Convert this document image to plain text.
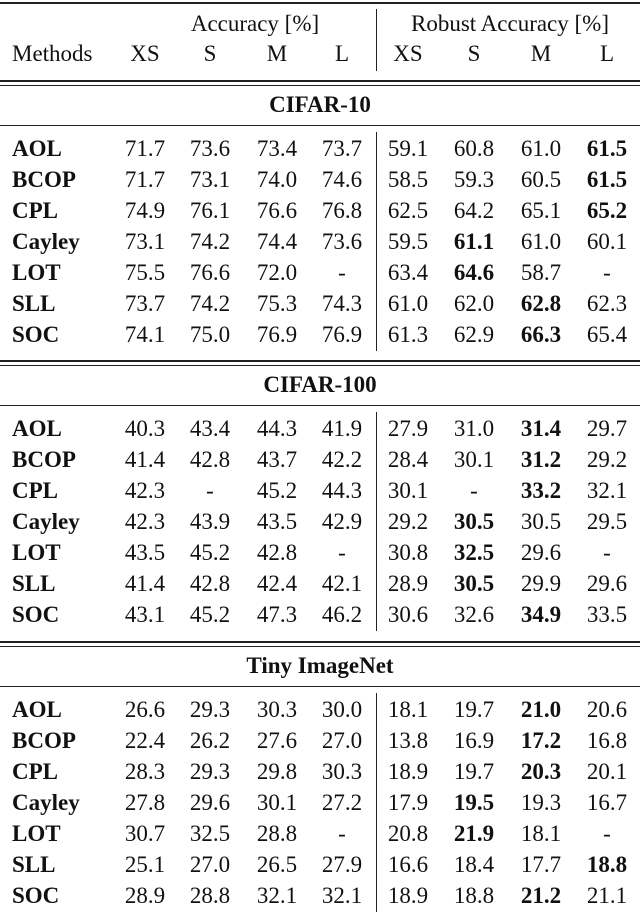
Accuracy [%]	Robust Accuracy [%]
Methods	XS	S	M	L	XS	S	M	L
CIFAR-10
AOL	71.7	73.6	73.4	73.7	59.1	60.8	61.0	61.5
BCOP	71.7	73.1	74.0	74.6	58.5	59.3	60.5	61.5
CPL	74.9	76.1	76.6	76.8	62.5	64.2	65.1	65.2
Cayley	73.1	74.2	74.4	73.6	59.5	61.1	61.0	60.1
LOT	75.5	76.6	72.0	-	63.4	64.6	58.7	-
SLL	73.7	74.2	75.3	74.3	61.0	62.0	62.8	62.3
SOC	74.1	75.0	76.9	76.9	61.3	62.9	66.3	65.4
CIFAR-100
AOL	40.3	43.4	44.3	41.9	27.9	31.0	31.4	29.7
BCOP	41.4	42.8	43.7	42.2	28.4	30.1	31.2	29.2
CPL	42.3	-	45.2	44.3	30.1	-	33.2	32.1
Cayley	42.3	43.9	43.5	42.9	29.2	30.5	30.5	29.5
LOT	43.5	45.2	42.8	-	30.8	32.5	29.6	-
SLL	41.4	42.8	42.4	42.1	28.9	30.5	29.9	29.6
SOC	43.1	45.2	47.3	46.2	30.6	32.6	34.9	33.5
Tiny ImageNet
AOL	26.6	29.3	30.3	30.0	18.1	19.7	21.0	20.6
BCOP	22.4	26.2	27.6	27.0	13.8	16.9	17.2	16.8
CPL	28.3	29.3	29.8	30.3	18.9	19.7	20.3	20.1
Cayley	27.8	29.6	30.1	27.2	17.9	19.5	19.3	16.7
LOT	30.7	32.5	28.8	-	20.8	21.9	18.1	-
SLL	25.1	27.0	26.5	27.9	16.6	18.4	17.7	18.8
SOC	28.9	28.8	32.1	32.1	18.9	18.8	21.2	21.1
